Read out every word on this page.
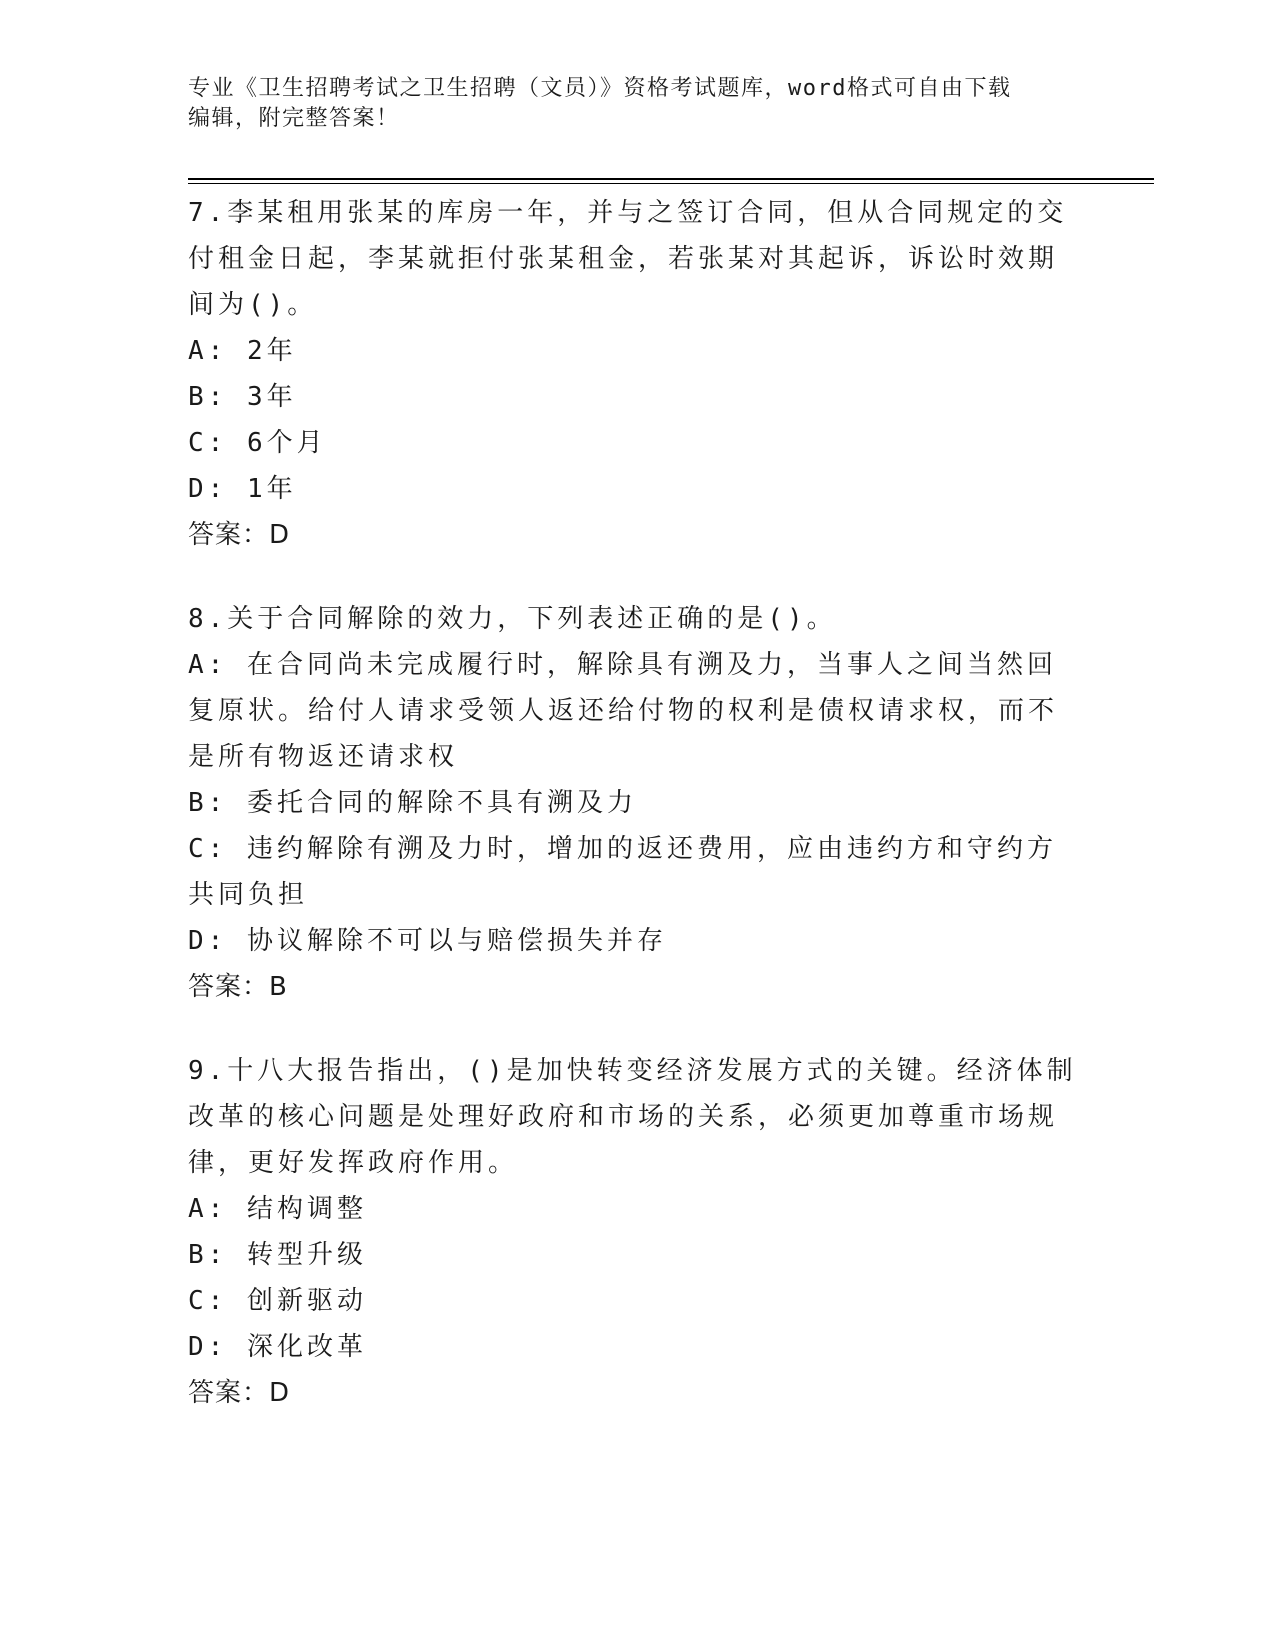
专业《卫生招聘考试之卫生招聘（文员）》资格考试题库，word格式可自由下载
编辑，附完整答案！

7.李某租用张某的库房一年，并与之签订合同，但从合同规定的交付租金日起，李某就拒付张某租金，若张某对其起诉，诉讼时效期间为()。

A: 2年

B: 3年

C: 6个月

D: 1年

答案：D

8.关于合同解除的效力，下列表述正确的是()。

A: 在合同尚未完成履行时，解除具有溯及力，当事人之间当然回复原状。给付人请求受领人返还给付物的权利是债权请求权，而不是所有物返还请求权

B: 委托合同的解除不具有溯及力

C: 违约解除有溯及力时，增加的返还费用，应由违约方和守约方共同负担

D: 协议解除不可以与赔偿损失并存

答案：B

9.十八大报告指出，()是加快转变经济发展方式的关键。经济体制改革的核心问题是处理好政府和市场的关系，必须更加尊重市场规律，更好发挥政府作用。

A: 结构调整

B: 转型升级

C: 创新驱动

D: 深化改革

答案：D
